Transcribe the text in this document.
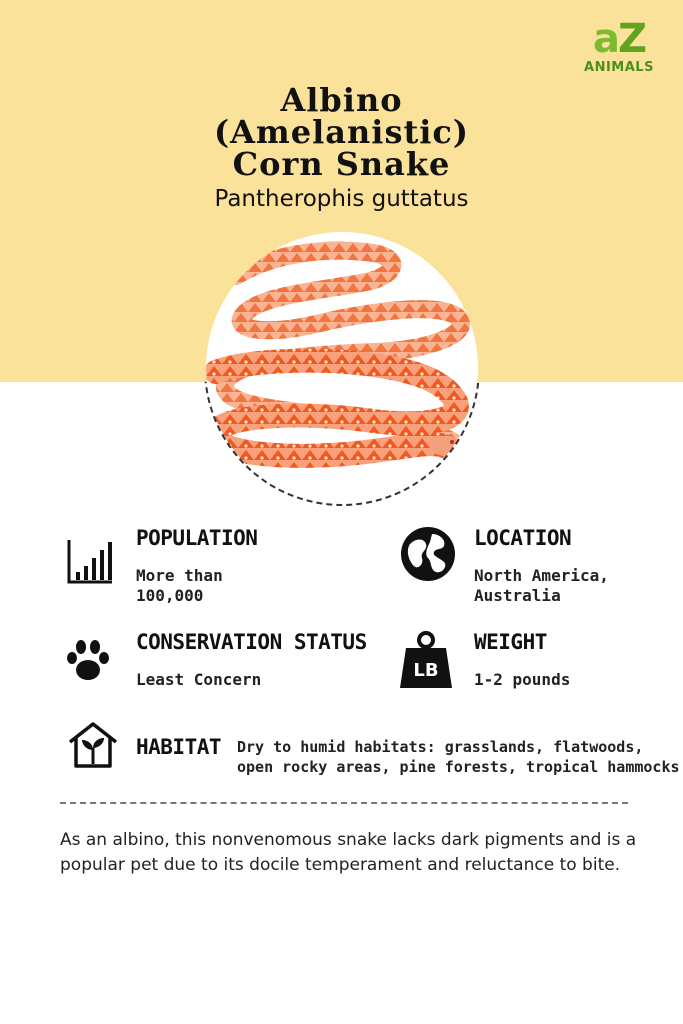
aZ
ANIMALS
Albino
(Amelanistic)
Corn Snake
Pantherophis guttatus
POPULATION
More than
100,000
LOCATION
North America,
Australia
CONSERVATION STATUS
Least Concern	LB
WEIGHT
1-2 pounds
HABITAT Dry to humid habitats: grasslands, flatwoods,
open rocky areas, pine forests, tropical hammocks
As an albino, this nonvenomous snake lacks dark pigments and is a popular pet due to its docile temperament and reluctance to bite.
